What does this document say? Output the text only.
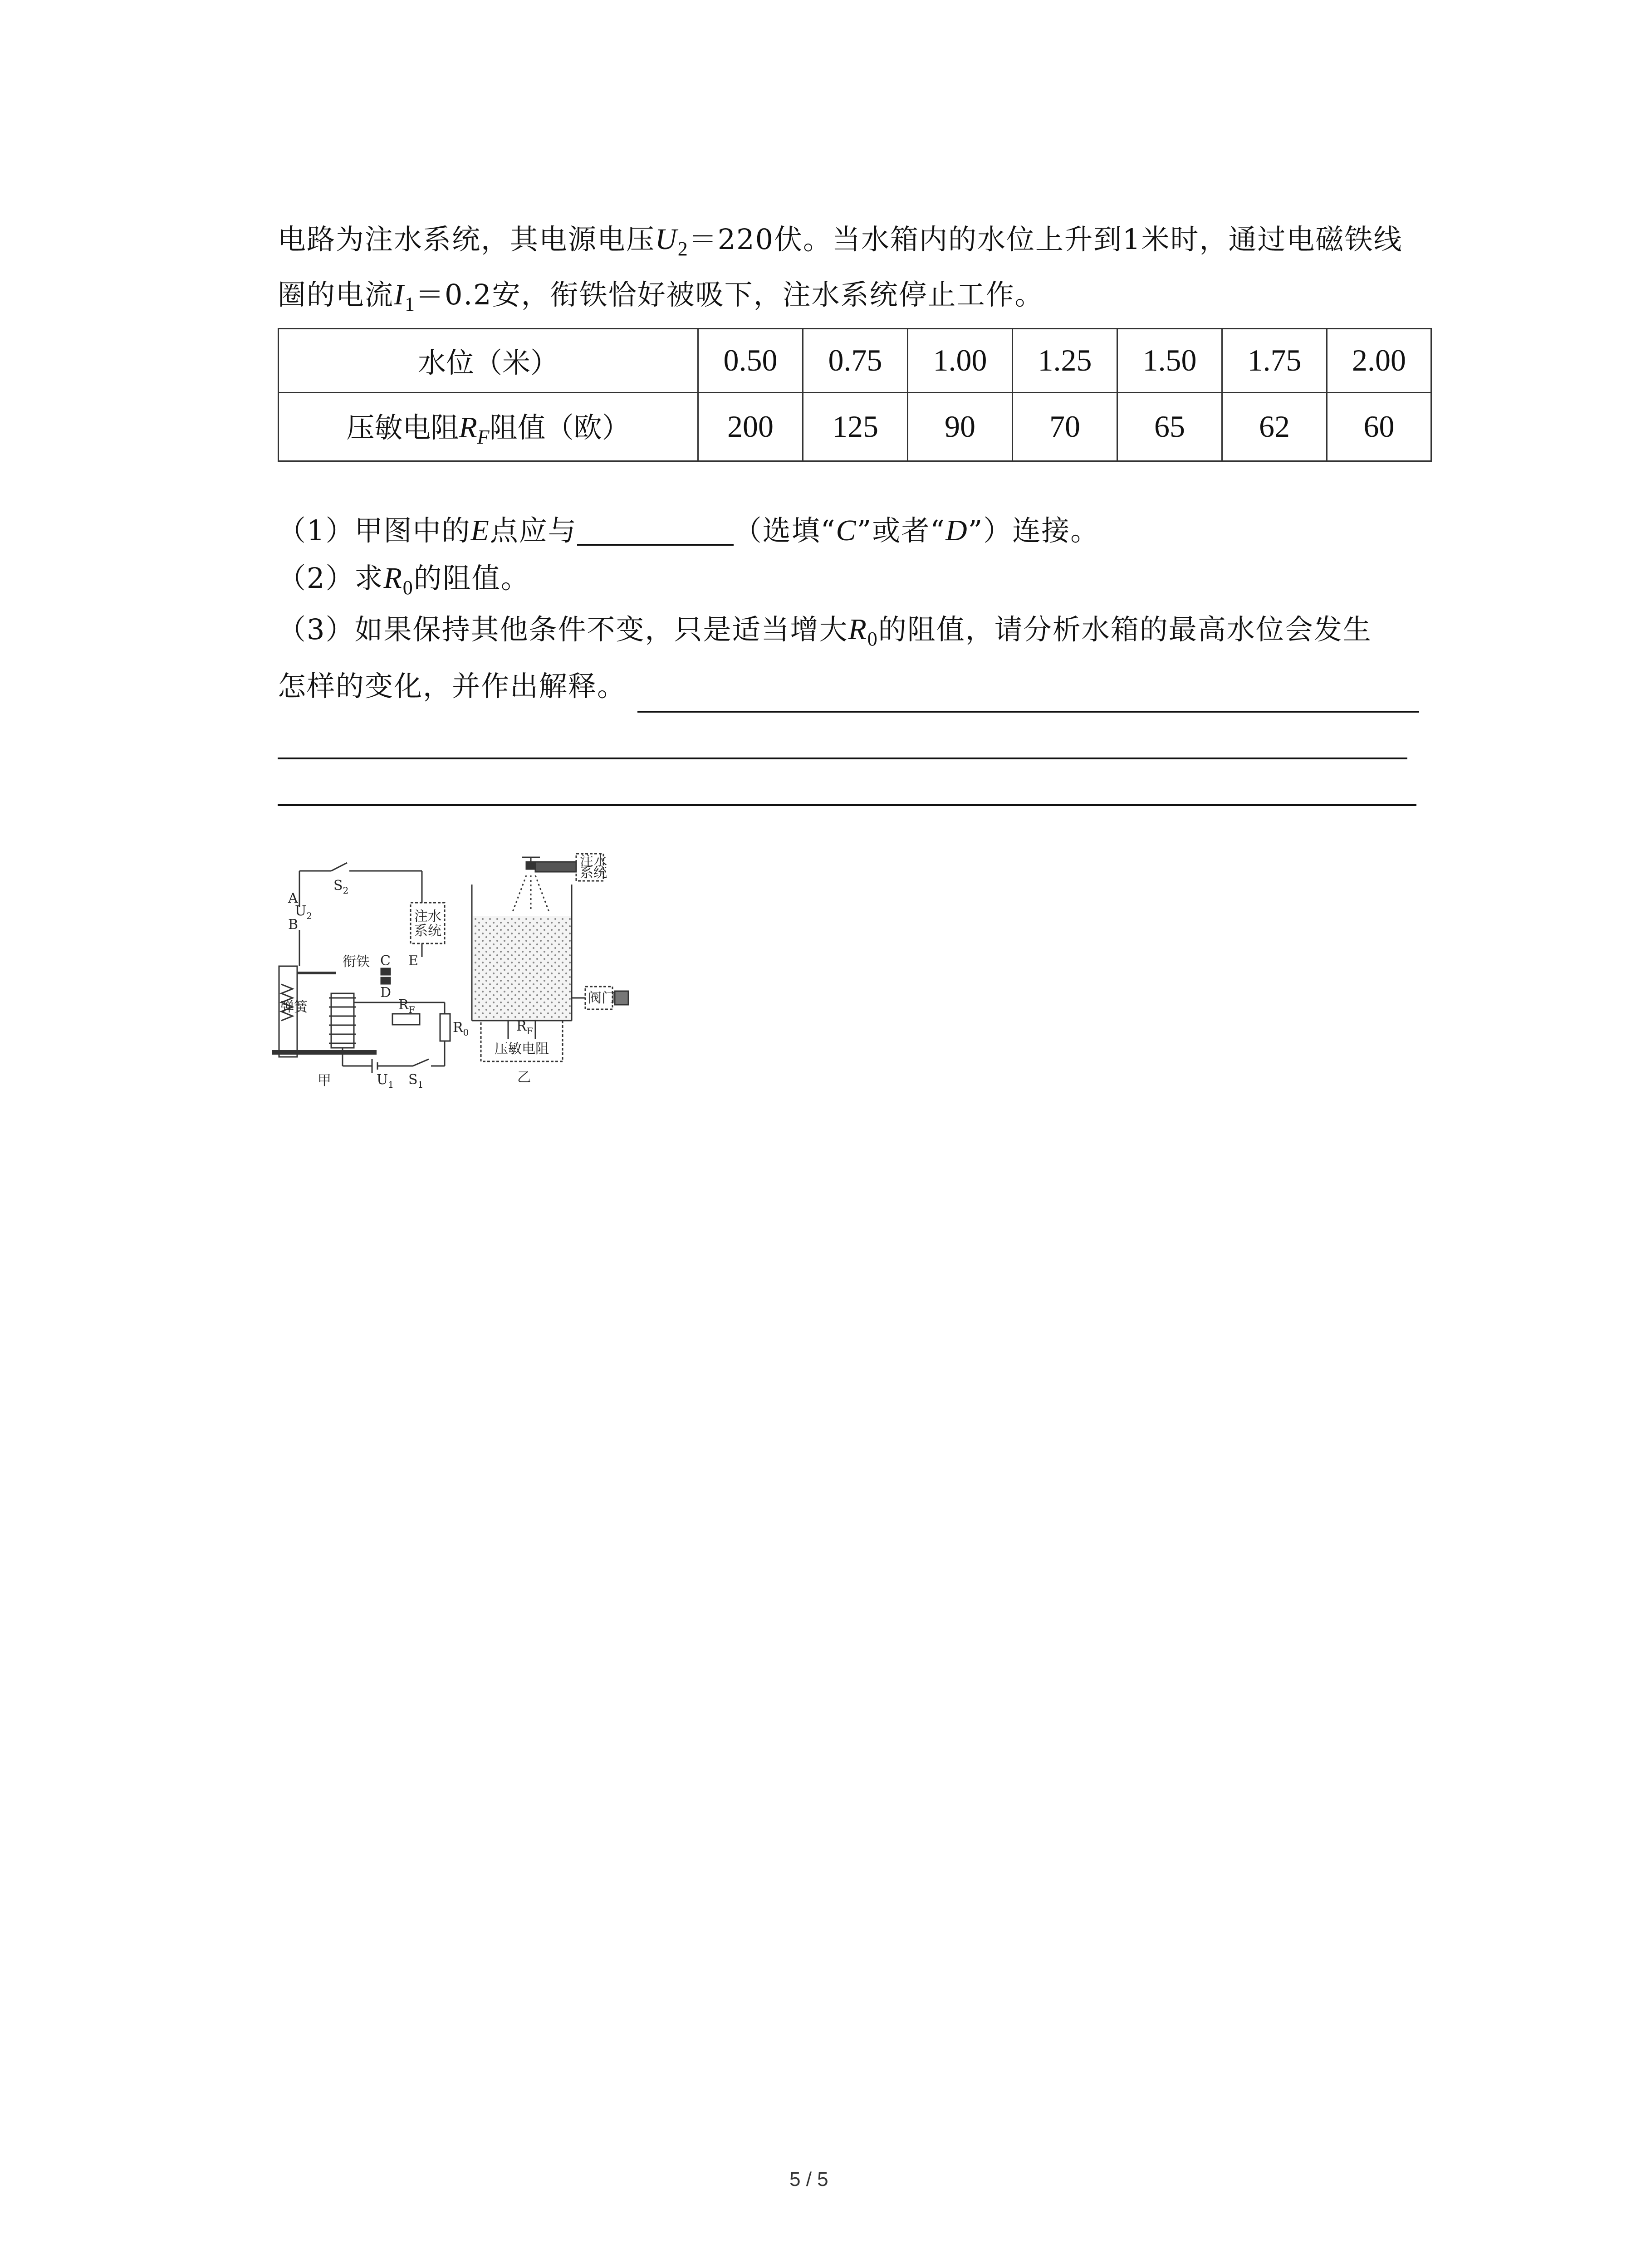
电路为注水系统，其电源电压$U_2=220$伏。当水箱内的水位上升到1米时，通过电磁铁线
圈的电流$I_1=0.2$安，衔铁恰好被吸下，注水系统停止工作。
水位（米）	0.50	0.75	1.00	1.25	1.50	1.75	2.00
压敏电阻$R_F$阻值（欧）	200	125	90	70	65	62	60
（1）甲图中的E点应与	（选填“C”或者“D”）连接。
（2）求$R_0$的阻值。
（3）如果保持其他条件不变，只是适当增大$R_0$的阻值，请分析水箱的最高水位会发生
怎样的变化，并作出解释。
A
$U_2$
B
$S_2$
注水
系统
衔铁 C
D
E
弹簧	$R_F$
$R_0$
$U_1$ $S_1$
甲
注水
系统
阀门
$R_F$
压敏电阻
乙
5 / 5
